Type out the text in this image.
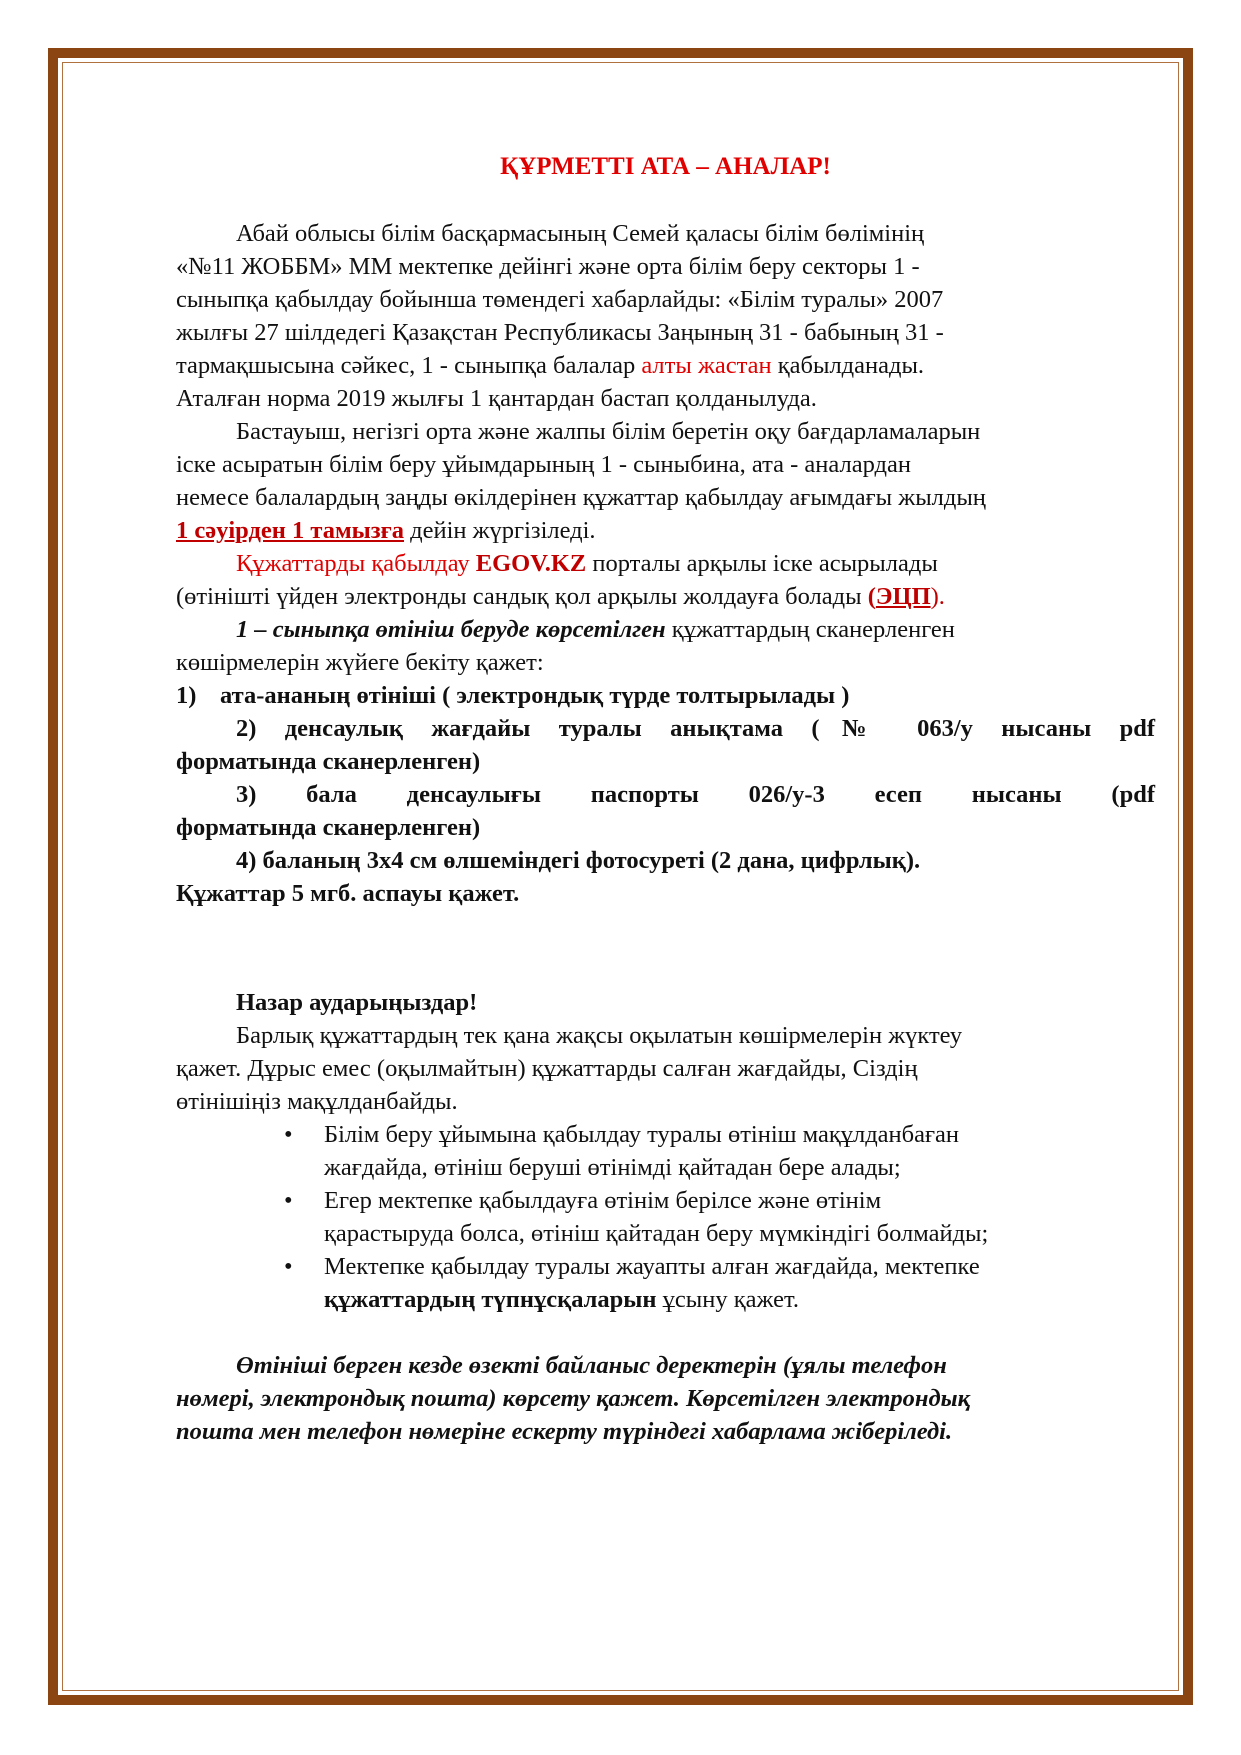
ҚҰРМЕТТІ АТА – АНАЛАР!

Абай облысы білім басқармасының Семей қаласы білім бөлімінің

«№11 ЖОББМ» ММ мектепке дейінгі және орта білім беру секторы 1 -

сыныпқа қабылдау бойынша төмендегі хабарлайды: «Білім туралы» 2007

жылғы 27 шілдедегі Қазақстан Республикасы Заңының 31 - бабының 31 -

тармақшысына сәйкес, 1 - сыныпқа балалар алты жастан қабылданады.

Аталған норма 2019 жылғы 1 қантардан бастап қолданылуда.

Бастауыш, негізгі орта және жалпы білім беретін оқу бағдарламаларын

іске асыратын білім беру ұйымдарының 1 - сыныбина, ата - аналардан

немесе балалардың заңды өкілдерінен құжаттар қабылдау ағымдағы жылдың

1 сәуірден 1 тамызға дейін жүргізіледі.

Құжаттарды қабылдау EGOV.KZ порталы арқылы іске асырылады

(өтінішті үйден электронды сандық қол арқылы жолдауға болады (ЭЦП).

1 – сыныпқа өтініш беруде көрсетілген құжаттардың сканерленген

көшірмелерін жүйеге бекіту қажет:

1) ата-ананың өтініші ( электрондық түрде толтырылады )

2) денсаулық жағдайы туралы анықтама (№ 063/у нысаны pdf

форматында сканерленген)

3) бала денсаулығы паспорты 026/у-3 есеп нысаны (pdf

форматында сканерленген)

4) баланың 3х4 см өлшеміндегі фотосуреті (2 дана, цифрлық).

Құжаттар 5 мгб. аспауы қажет.

Назар аударыңыздар!

Барлық құжаттардың тек қана жақсы оқылатын көшірмелерін жүктеу

қажет. Дұрыс емес (оқылмайтын) құжаттарды салған жағдайды, Сіздің

өтінішіңіз мақұлданбайды.

• Білім беру ұйымына қабылдау туралы өтініш мақұлданбаған
жағдайда, өтініш беруші өтінімді қайтадан бере алады;
• Егер мектепке қабылдауға өтінім берілсе және өтінім
қарастыруда болса, өтініш қайтадан беру мүмкіндігі болмайды;
• Мектепке қабылдау туралы жауапты алған жағдайда, мектепке
құжаттардың түпнұсқаларын ұсыну қажет.

Өтініші берген кезде өзекті байланыс деректерін (ұялы телефон

нөмері, электрондық пошта) көрсету қажет. Көрсетілген электрондық

пошта мен телефон нөмеріне ескерту түріндегі хабарлама жіберіледі.
